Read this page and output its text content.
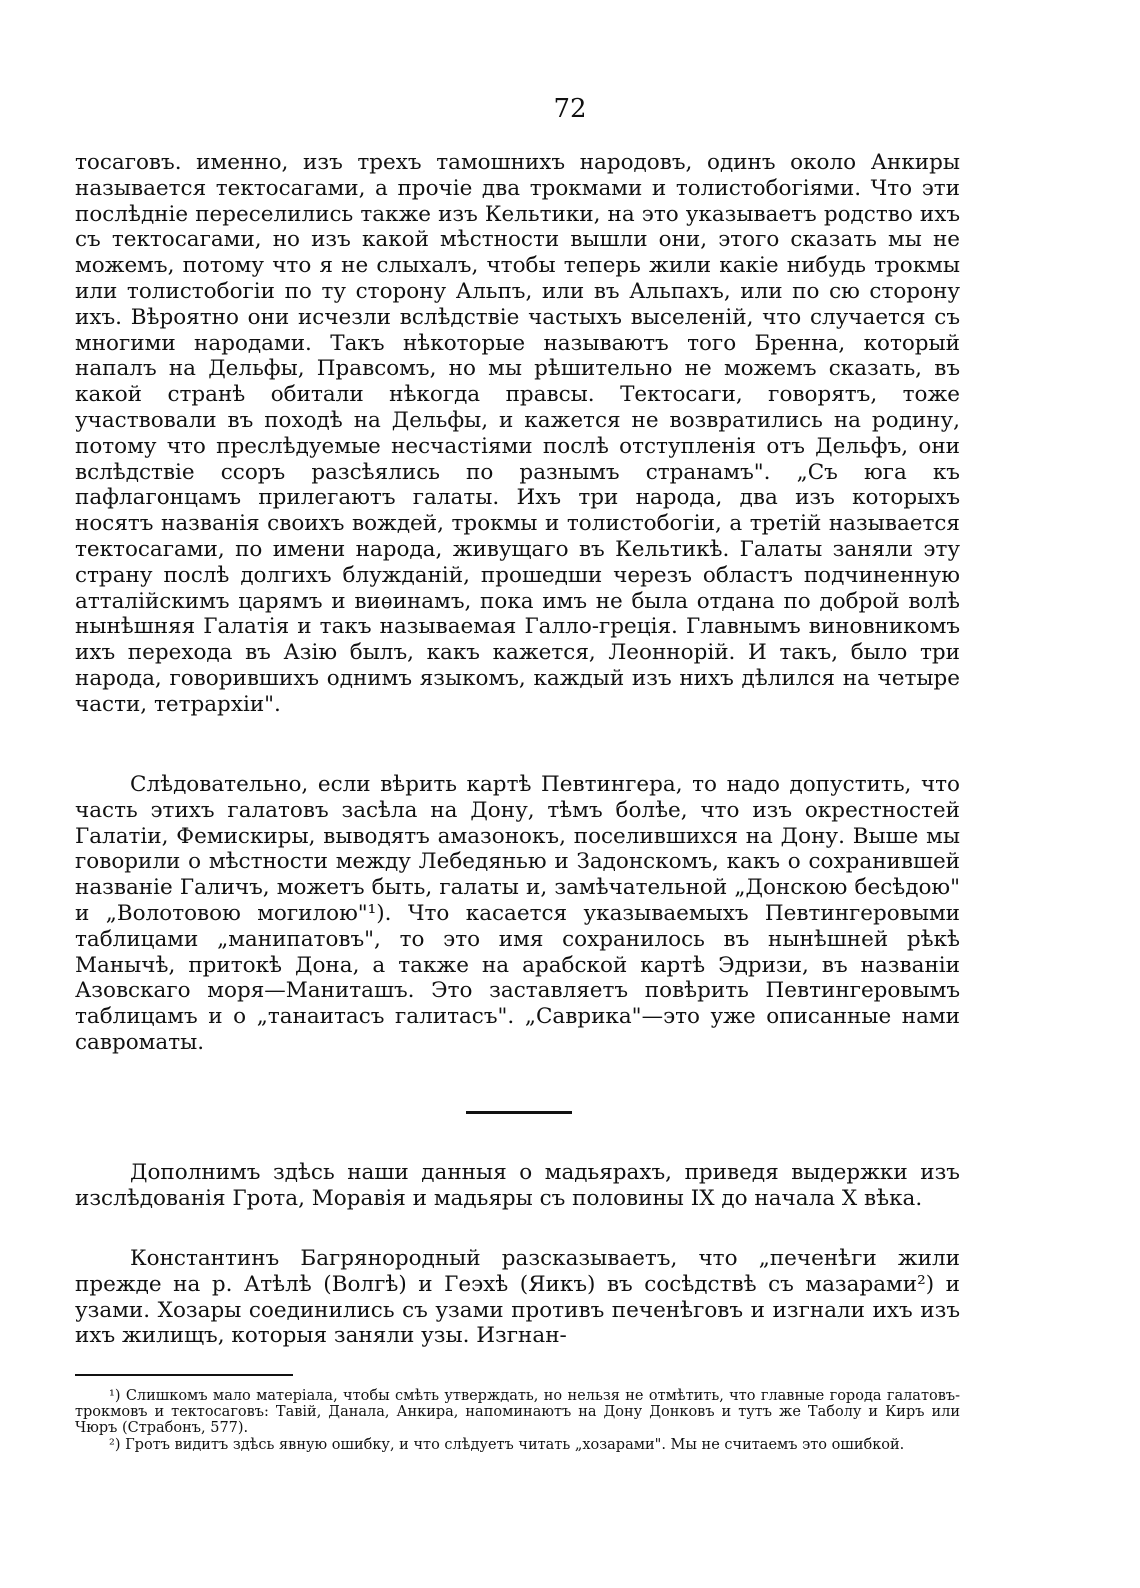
72
тосаговъ. именно, изъ трехъ тамошнихъ народовъ, одинъ около Анкиры называется тектосагами, а прочіе два трокмами и толистобогіями. Что эти послѣдніе переселились также изъ Кельтики, на это указываетъ родство ихъ съ тектосагами, но изъ какой мѣстности вышли они, этого сказать мы не можемъ, потому что я не слыхалъ, чтобы теперь жили какіе нибудь трокмы или толистобогіи по ту сторону Альпъ, или въ Альпахъ, или по сю сторону ихъ. Вѣроятно они исчезли вслѣдствіе частыхъ выселеній, что случается съ многими народами. Такъ нѣкоторые называютъ того Бренна, который напалъ на Дельфы, Правсомъ, но мы рѣшительно не можемъ сказать, въ какой странѣ обитали нѣкогда правсы. Тектосаги, говорятъ, тоже участвовали въ походѣ на Дельфы, и кажется не возвратились на родину, потому что преслѣдуемые несчастіями послѣ отступленія отъ Дельфъ, они вслѣдствіе ссоръ разсѣялись по разнымъ странамъ". „Съ юга къ пафлагонцамъ прилегаютъ галаты. Ихъ три народа, два изъ которыхъ носятъ названія своихъ вождей, трокмы и толистобогіи, а третій называется тектосагами, по имени народа, живущаго въ Кельтикѣ. Галаты заняли эту страну послѣ долгихъ блужданій, прошедши черезъ областъ подчиненную атталійскимъ царямъ и виѳинамъ, пока имъ не была отдана по доброй волѣ нынѣшняя Галатія и такъ называемая Галло-греція. Главнымъ виновникомъ ихъ перехода въ Азію былъ, какъ кажется, Леоннорій. И такъ, было три народа, говорившихъ однимъ языкомъ, каждый изъ нихъ дѣлился на четыре части, тетрархіи".
Слѣдовательно, если вѣрить картѣ Певтингера, то надо допустить, что часть этихъ галатовъ засѣла на Дону, тѣмъ болѣе, что изъ окрестностей Галатіи, Фемискиры, выводятъ амазонокъ, поселившихся на Дону. Выше мы говорили о мѣстности между Лебедянью и Задонскомъ, какъ о сохранившей названіе Галичъ, можетъ быть, галаты и, замѣчательной „Донскою бесѣдою" и „Волотовою могилою"¹). Что касается указываемыхъ Певтингеровыми таблицами „манипатовъ", то это имя сохранилось въ нынѣшней рѣкѣ Манычѣ, притокѣ Дона, а также на арабской картѣ Эдризи, въ названіи Азовскаго моря—Маниташъ. Это заставляетъ повѣрить Певтингеровымъ таблицамъ и о „танаитасъ галитасъ". „Саврика"—это уже описанные нами савроматы.
Дополнимъ здѣсь наши данныя о мадьярахъ, приведя выдержки изъ изслѣдованія Грота, Моравія и мадьяры съ половины IX до начала X вѣка.
Константинъ Багрянородный разсказываетъ, что „печенѣги жили прежде на р. Атѣлѣ (Волгѣ) и Геэхѣ (Яикъ) въ сосѣдствѣ съ мазарами²) и узами. Хозары соединились съ узами противъ печенѣговъ и изгнали ихъ изъ ихъ жилищъ, которыя заняли узы. Изгнан-

¹) Слишкомъ мало матеріала, чтобы смѣть утверждать, но нельзя не отмѣтить, что главные города галатовъ-трокмовъ и тектосаговъ: Тавій, Данала, Анкира, напоминаютъ на Дону Донковъ и тутъ же Таболу и Киръ или Чюръ (Страбонъ, 577).

²) Гротъ видитъ здѣсь явную ошибку, и что слѣдуетъ читать „хозарами". Мы не считаемъ это ошибкой.
